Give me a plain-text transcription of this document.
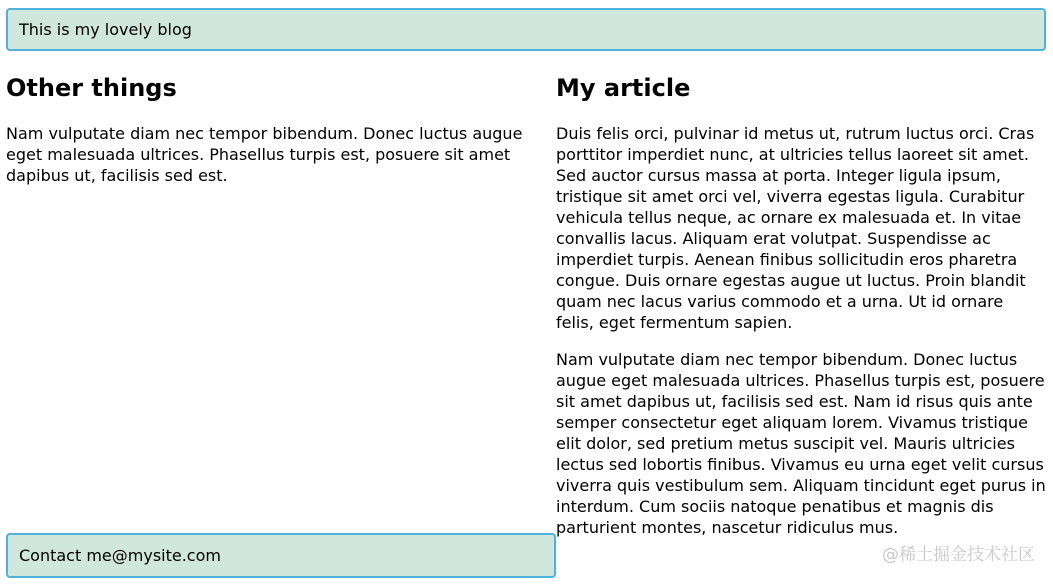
This is my lovely blog
Other things

Nam vulputate diam nec tempor bibendum. Donec luctus augue eget malesuada ultrices. Phasellus turpis est, posuere sit amet dapibus ut, facilisis sed est.

My article

Duis felis orci, pulvinar id metus ut, rutrum luctus orci. Cras porttitor imperdiet nunc, at ultricies tellus laoreet sit amet. Sed auctor cursus massa at porta. Integer ligula ipsum, tristique sit amet orci vel, viverra egestas ligula. Curabitur vehicula tellus neque, ac ornare ex malesuada et. In vitae convallis lacus. Aliquam erat volutpat. Suspendisse ac imperdiet turpis. Aenean finibus sollicitudin eros pharetra congue. Duis ornare egestas augue ut luctus. Proin blandit quam nec lacus varius commodo et a urna. Ut id ornare felis, eget fermentum sapien.

Nam vulputate diam nec tempor bibendum. Donec luctus augue eget malesuada ultrices. Phasellus turpis est, posuere sit amet dapibus ut, facilisis sed est. Nam id risus quis ante semper consectetur eget aliquam lorem. Vivamus tristique elit dolor, sed pretium metus suscipit vel. Mauris ultricies lectus sed lobortis finibus. Vivamus eu urna eget velit cursus viverra quis vestibulum sem. Aliquam tincidunt eget purus in interdum. Cum sociis natoque penatibus et magnis dis parturient montes, nascetur ridiculus mus.

Contact me@mysite.com	@稀土掘金技术社区
